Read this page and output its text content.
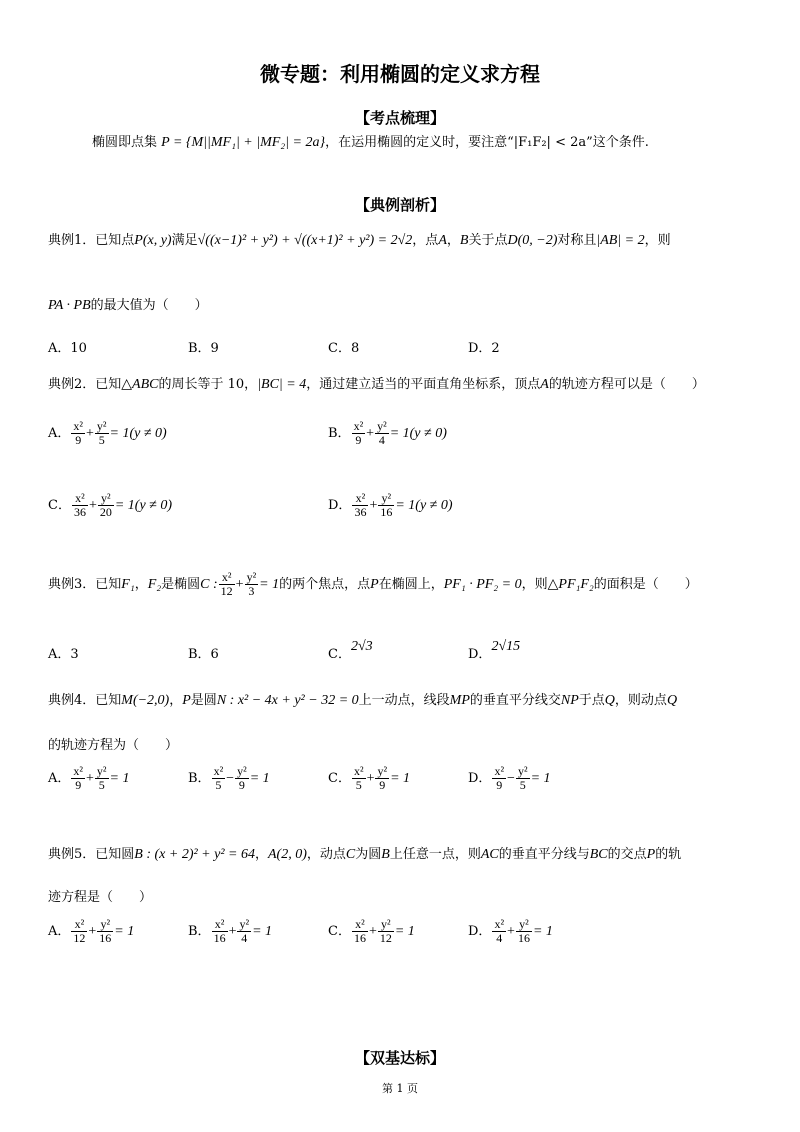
微专题：利用椭圆的定义求方程
【考点梳理】
椭圆即点集 P = {M||MF₁| + |MF₂| = 2a}，在运用椭圆的定义时，要注意“|F₁F₂| < 2a”这个条件.
【典例剖析】
典例1．已知点P(x, y)满足√((x−1)² + y²) + √((x+1)² + y²) = 2√2，点A，B关于点D(0, −2)对称且|AB| = 2，则
PA · PB的最大值为（　　）
A．10	B．9	C．8	D．2
典例2．已知△ABC的周长等于 10，|BC| = 4，通过建立适当的平面直角坐标系，顶点A的轨迹方程可以是（　　）
A． $\frac{\text{x²}}{9} + \frac{\text{y²}}{5} = 1(y \ne 0)$	B． $\frac{\text{x²}}{9} + \frac{\text{y²}}{4} = 1(y \ne 0)$
C． $\frac{\text{x²}}{36} + \frac{\text{y²}}{20} = 1(y \ne 0)$	D． $\frac{\text{x²}}{36} + \frac{\text{y²}}{16} = 1(y \ne 0)$
典例3．已知F₁，F₂是椭圆C : $\frac{\text{x²}}{12} + \frac{\text{y²}}{3} = 1$的两个焦点，点P在椭圆上，PF₁ · PF₂ = 0，则△PF₁F₂的面积是（　　）
A．3	B．6	C．2√3
D．2√15
典例4．已知M(−2,0)，P是圆N : x² − 4x + y² − 32 = 0上一动点，线段MP的垂直平分线交NP于点Q，则动点Q
的轨迹方程为（　　）
A． $\frac{\text{x²}}{9} + \frac{\text{y²}}{5} = 1$	B． $\frac{\text{x²}}{5} - \frac{\text{y²}}{9} = 1$	C． $\frac{\text{x²}}{5} + \frac{\text{y²}}{9} = 1$	D． $\frac{\text{x²}}{9} - \frac{\text{y²}}{5} = 1$
典例5．已知圆B : (x + 2)² + y² = 64，A(2, 0)，动点C为圆B上任意一点，则AC的垂直平分线与BC的交点P的轨
迹方程是（　　）
A． $\frac{\text{x²}}{12} + \frac{\text{y²}}{16} = 1$	B． $\frac{\text{x²}}{16} + \frac{\text{y²}}{4} = 1$	C． $\frac{\text{x²}}{16} + \frac{\text{y²}}{12} = 1$	D． $\frac{\text{x²}}{4} + \frac{\text{y²}}{16} = 1$
【双基达标】
第 1 页
